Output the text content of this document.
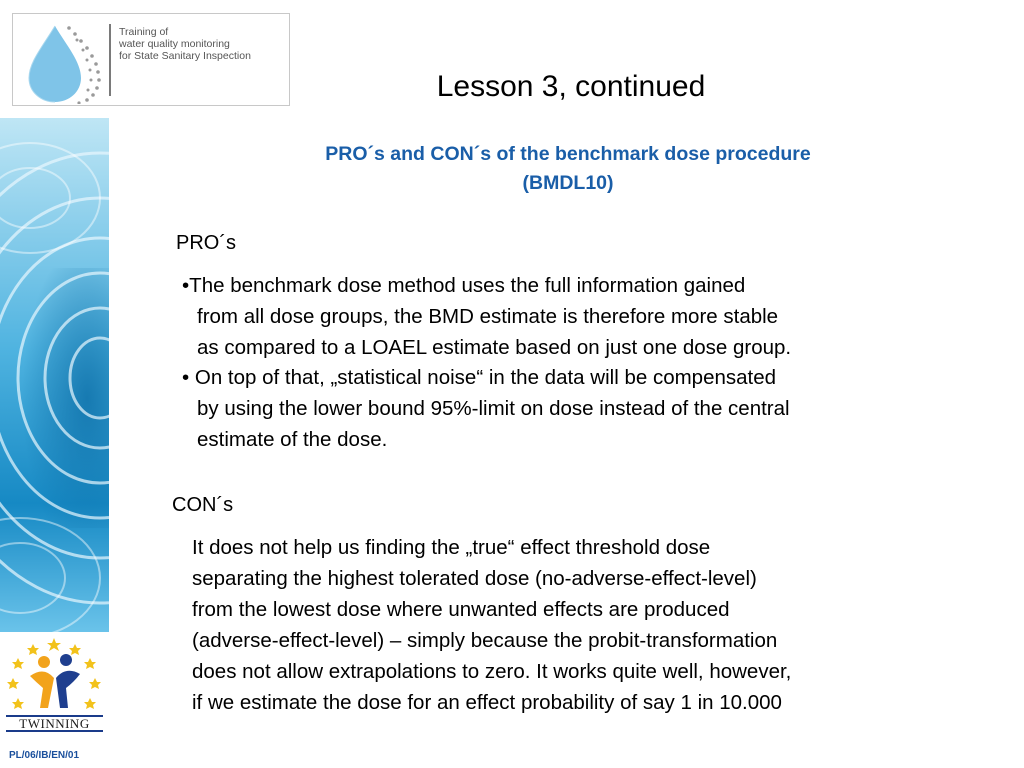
Training of
water quality monitoring
for State Sanitary Inspection
TWINNING
PL/06/IB/EN/01
Lesson 3, continued
PRO´s and CON´s of the benchmark dose procedure
(BMDL10)
PRO´s
•The benchmark dose method uses the full information gained
from all dose groups, the BMD estimate is therefore more stable
as compared to a LOAEL estimate based on just one dose group.
• On top of that, „statistical noise“ in the data will be compensated
by using the lower bound 95%-limit on dose instead of the central
estimate of the dose.
CON´s
It does not help us finding the „true“ effect threshold dose
separating the highest tolerated dose (no-adverse-effect-level)
from the lowest dose where unwanted effects are produced
(adverse-effect-level) – simply because the probit-transformation
does not allow extrapolations to zero. It works quite well, however,
if we estimate the dose for an effect probability of say 1 in 10.000
